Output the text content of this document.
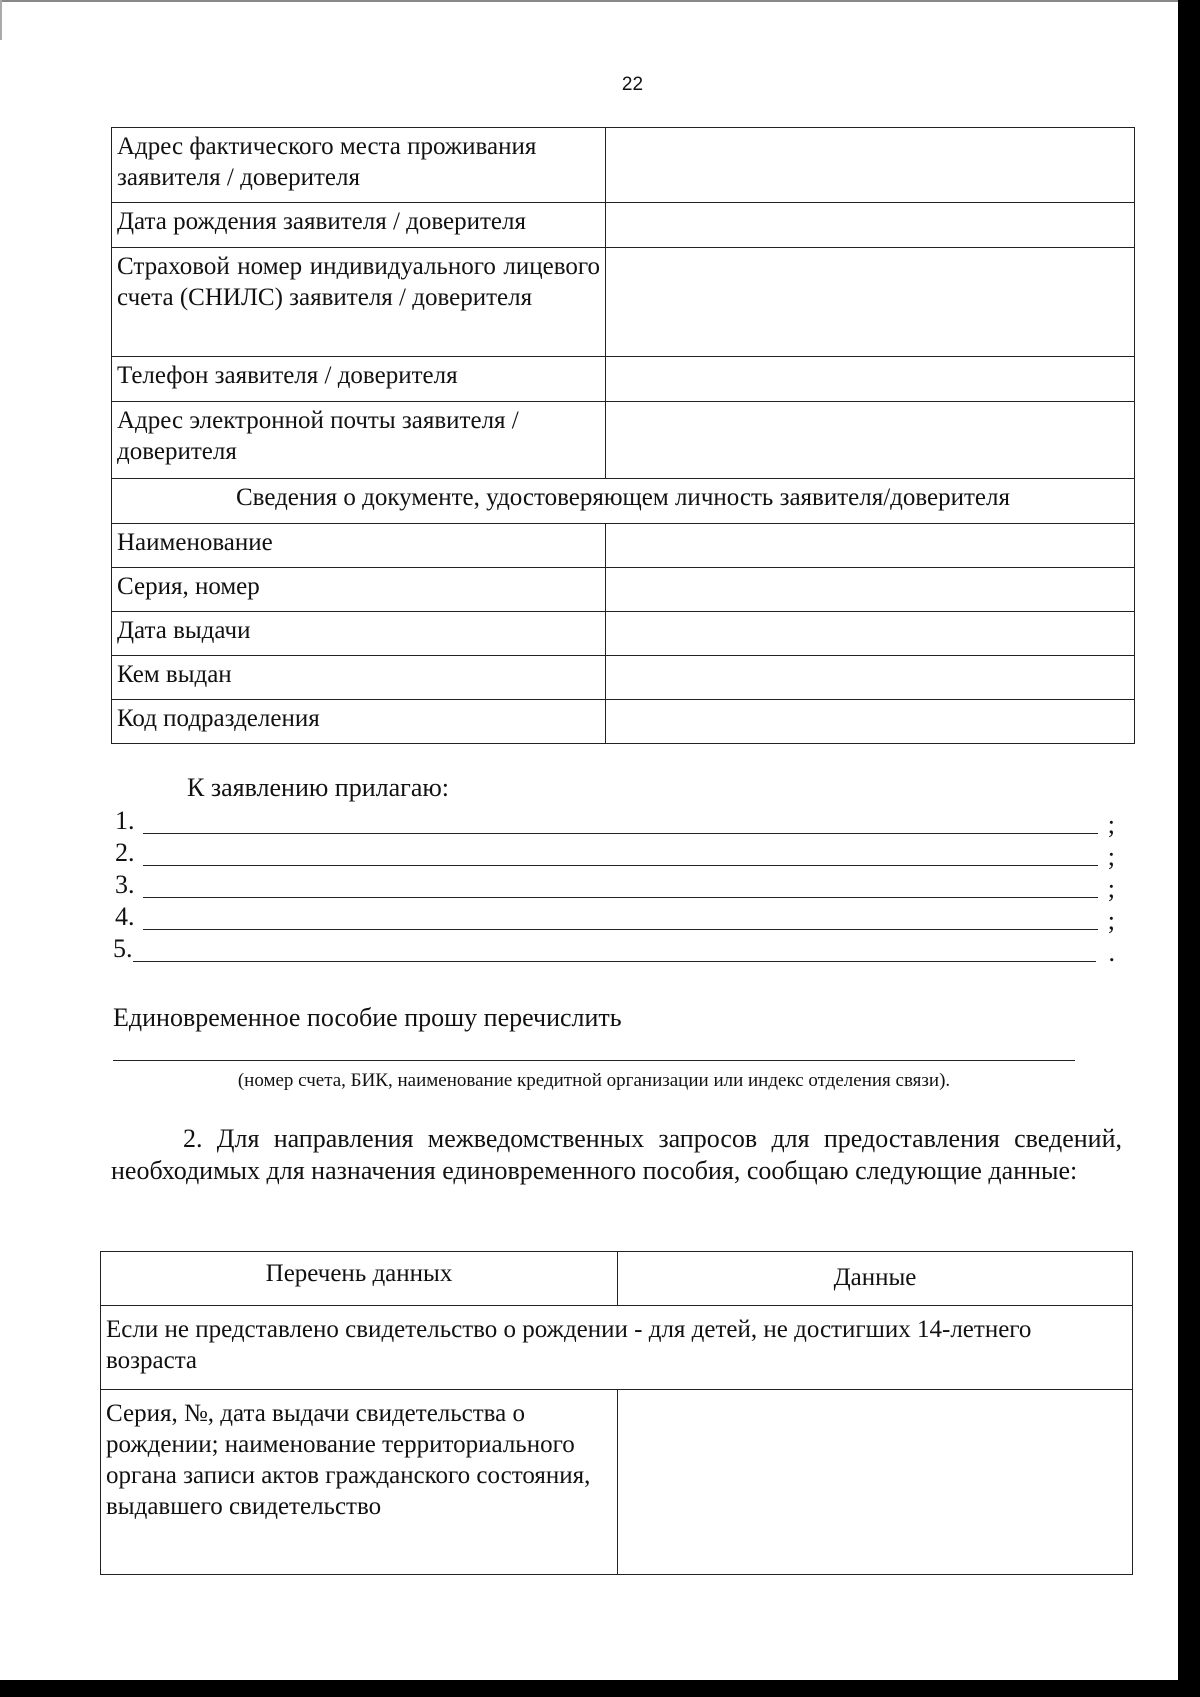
22
Адрес фактического места проживания заявителя / доверителя	
Дата рождения заявителя / доверителя	
Страховой номер индивидуального лицевого счета (СНИЛС) заявителя / доверителя	
Телефон заявителя / доверителя	
Адрес электронной почты заявителя / доверителя	
Сведения о документе, удостоверяющем личность заявителя/доверителя	
Наименование	
Серия, номер	
Дата выдачи	
Кем выдан	
Код подразделения	
К заявлению прилагаю:
1.	;
2.	;
3.	;
4.	;
5.	.
Единовременное пособие прошу перечислить
(номер счета, БИК, наименование кредитной организации или индекс отделения связи).
2. Для направления межведомственных запросов для предоставления сведений, необходимых для назначения единовременного пособия, сообщаю следующие данные:
Перечень данных	Данные
Если не представлено свидетельство о рождении - для детей, не достигших 14-летнего возраста	
Серия, №, дата выдачи свидетельства о рождении; наименование территориального органа записи актов гражданского состояния, выдавшего свидетельство	
